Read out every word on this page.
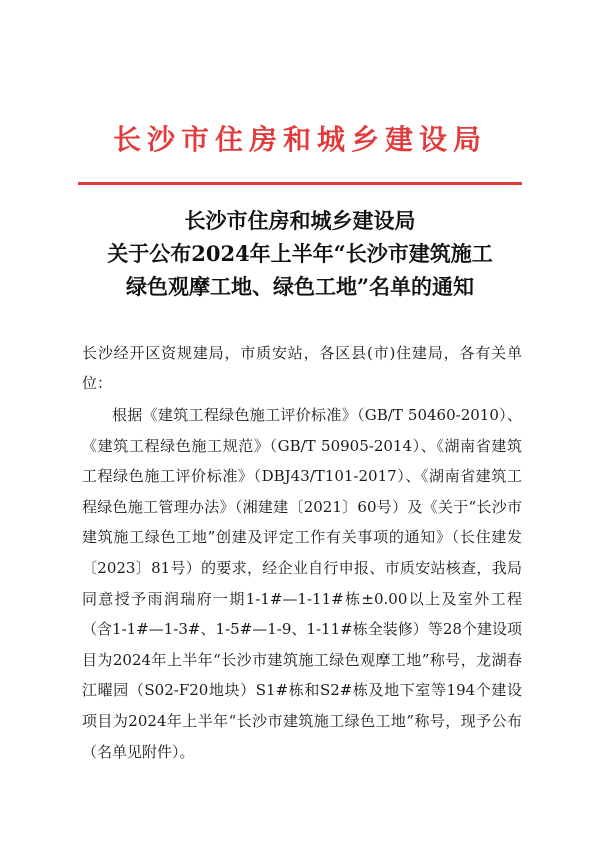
长沙市住房和城乡建设局
长沙市住房和城乡建设局
关于公布2024年上半年“长沙市建筑施工
绿色观摩工地、绿色工地”名单的通知
长沙经开区资规建局，市质安站，各区县(市)住建局，各有关单位：
根据《建筑工程绿色施工评价标准》（GB/T 50460-2010）、《建筑工程绿色施工规范》（GB/T 50905-2014）、《湖南省建筑工程绿色施工评价标准》（DBJ43/T101-2017）、《湖南省建筑工程绿色施工管理办法》（湘建建〔2021〕60号）及《关于“长沙市建筑施工绿色工地”创建及评定工作有关事项的通知》（长住建发〔2023〕81号）的要求，经企业自行申报、市质安站核查，我局同意授予雨润瑞府一期1-1#—1-11#栋±0.00以上及室外工程（含1-1#—1-3#、1-5#—1-9、1-11#栋全装修）等28个建设项目为2024年上半年“长沙市建筑施工绿色观摩工地”称号，龙湖春江曜园（S02-F20地块）S1#栋和S2#栋及地下室等194个建设项目为2024年上半年“长沙市建筑施工绿色工地”称号，现予公布（名单见附件）。
